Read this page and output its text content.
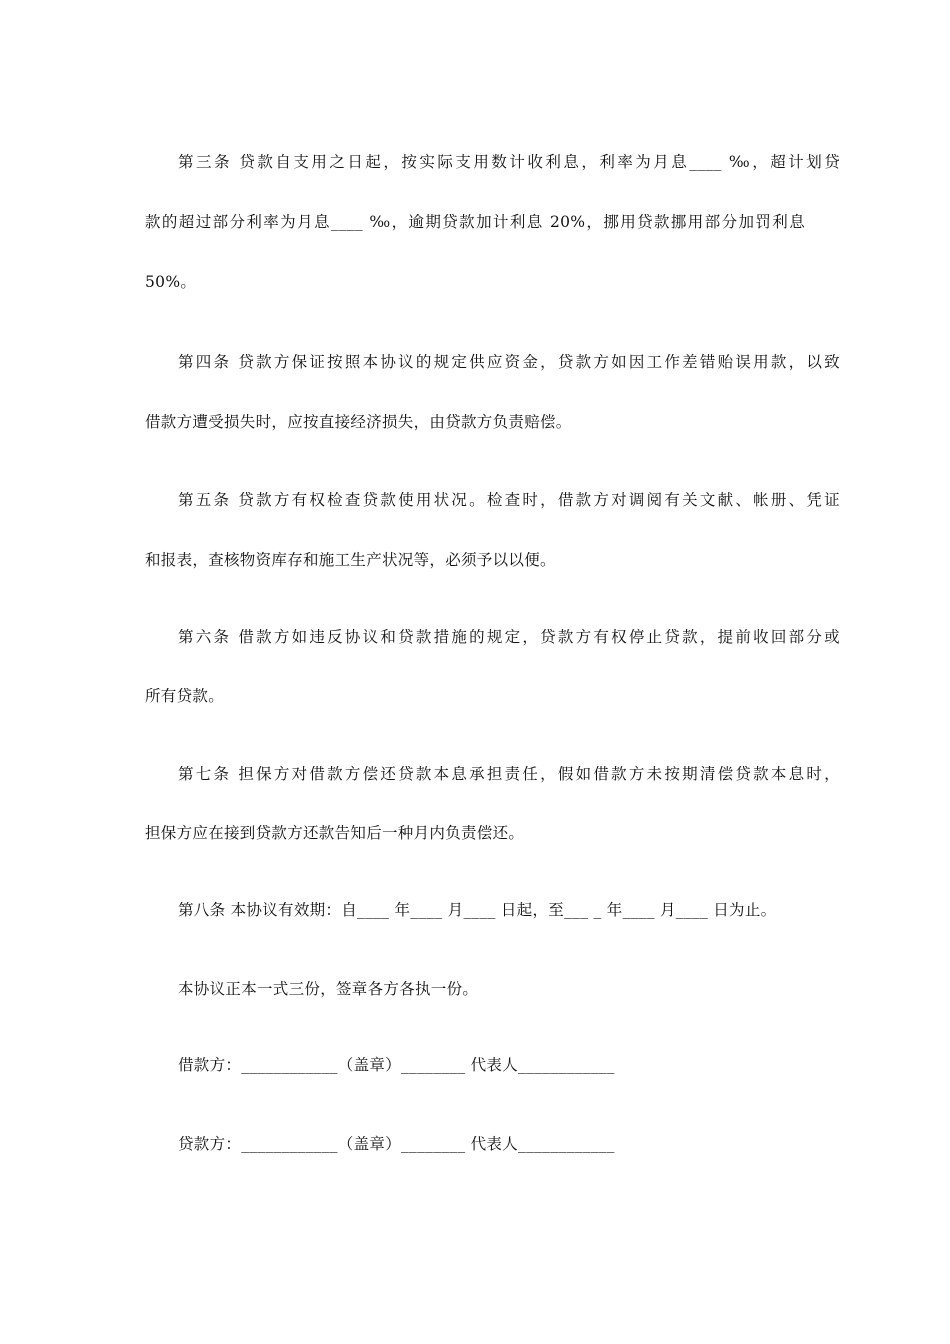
第三条 贷款自支用之日起，按实际支用数计收利息，利率为月息____ ‰，超计划贷
款的超过部分利率为月息____ ‰，逾期贷款加计利息 20%，挪用贷款挪用部分加罚利息
50%。
第四条 贷款方保证按照本协议的规定供应资金，贷款方如因工作差错贻误用款，以致
借款方遭受损失时，应按直接经济损失，由贷款方负责赔偿。
第五条 贷款方有权检查贷款使用状况。检查时，借款方对调阅有关文献、帐册、凭证
和报表，查核物资库存和施工生产状况等，必须予以以便。
第六条 借款方如违反协议和贷款措施的规定，贷款方有权停止贷款，提前收回部分或
所有贷款。
第七条 担保方对借款方偿还贷款本息承担责任，假如借款方未按期清偿贷款本息时，
担保方应在接到贷款方还款告知后一种月内负责偿还。
第八条 本协议有效期：自____ 年____ 月____ 日起，至___ _ 年____ 月____ 日为止。
本协议正本一式三份，签章各方各执一份。
借款方：____________（盖章）________ 代表人____________
贷款方：____________（盖章）________ 代表人____________
